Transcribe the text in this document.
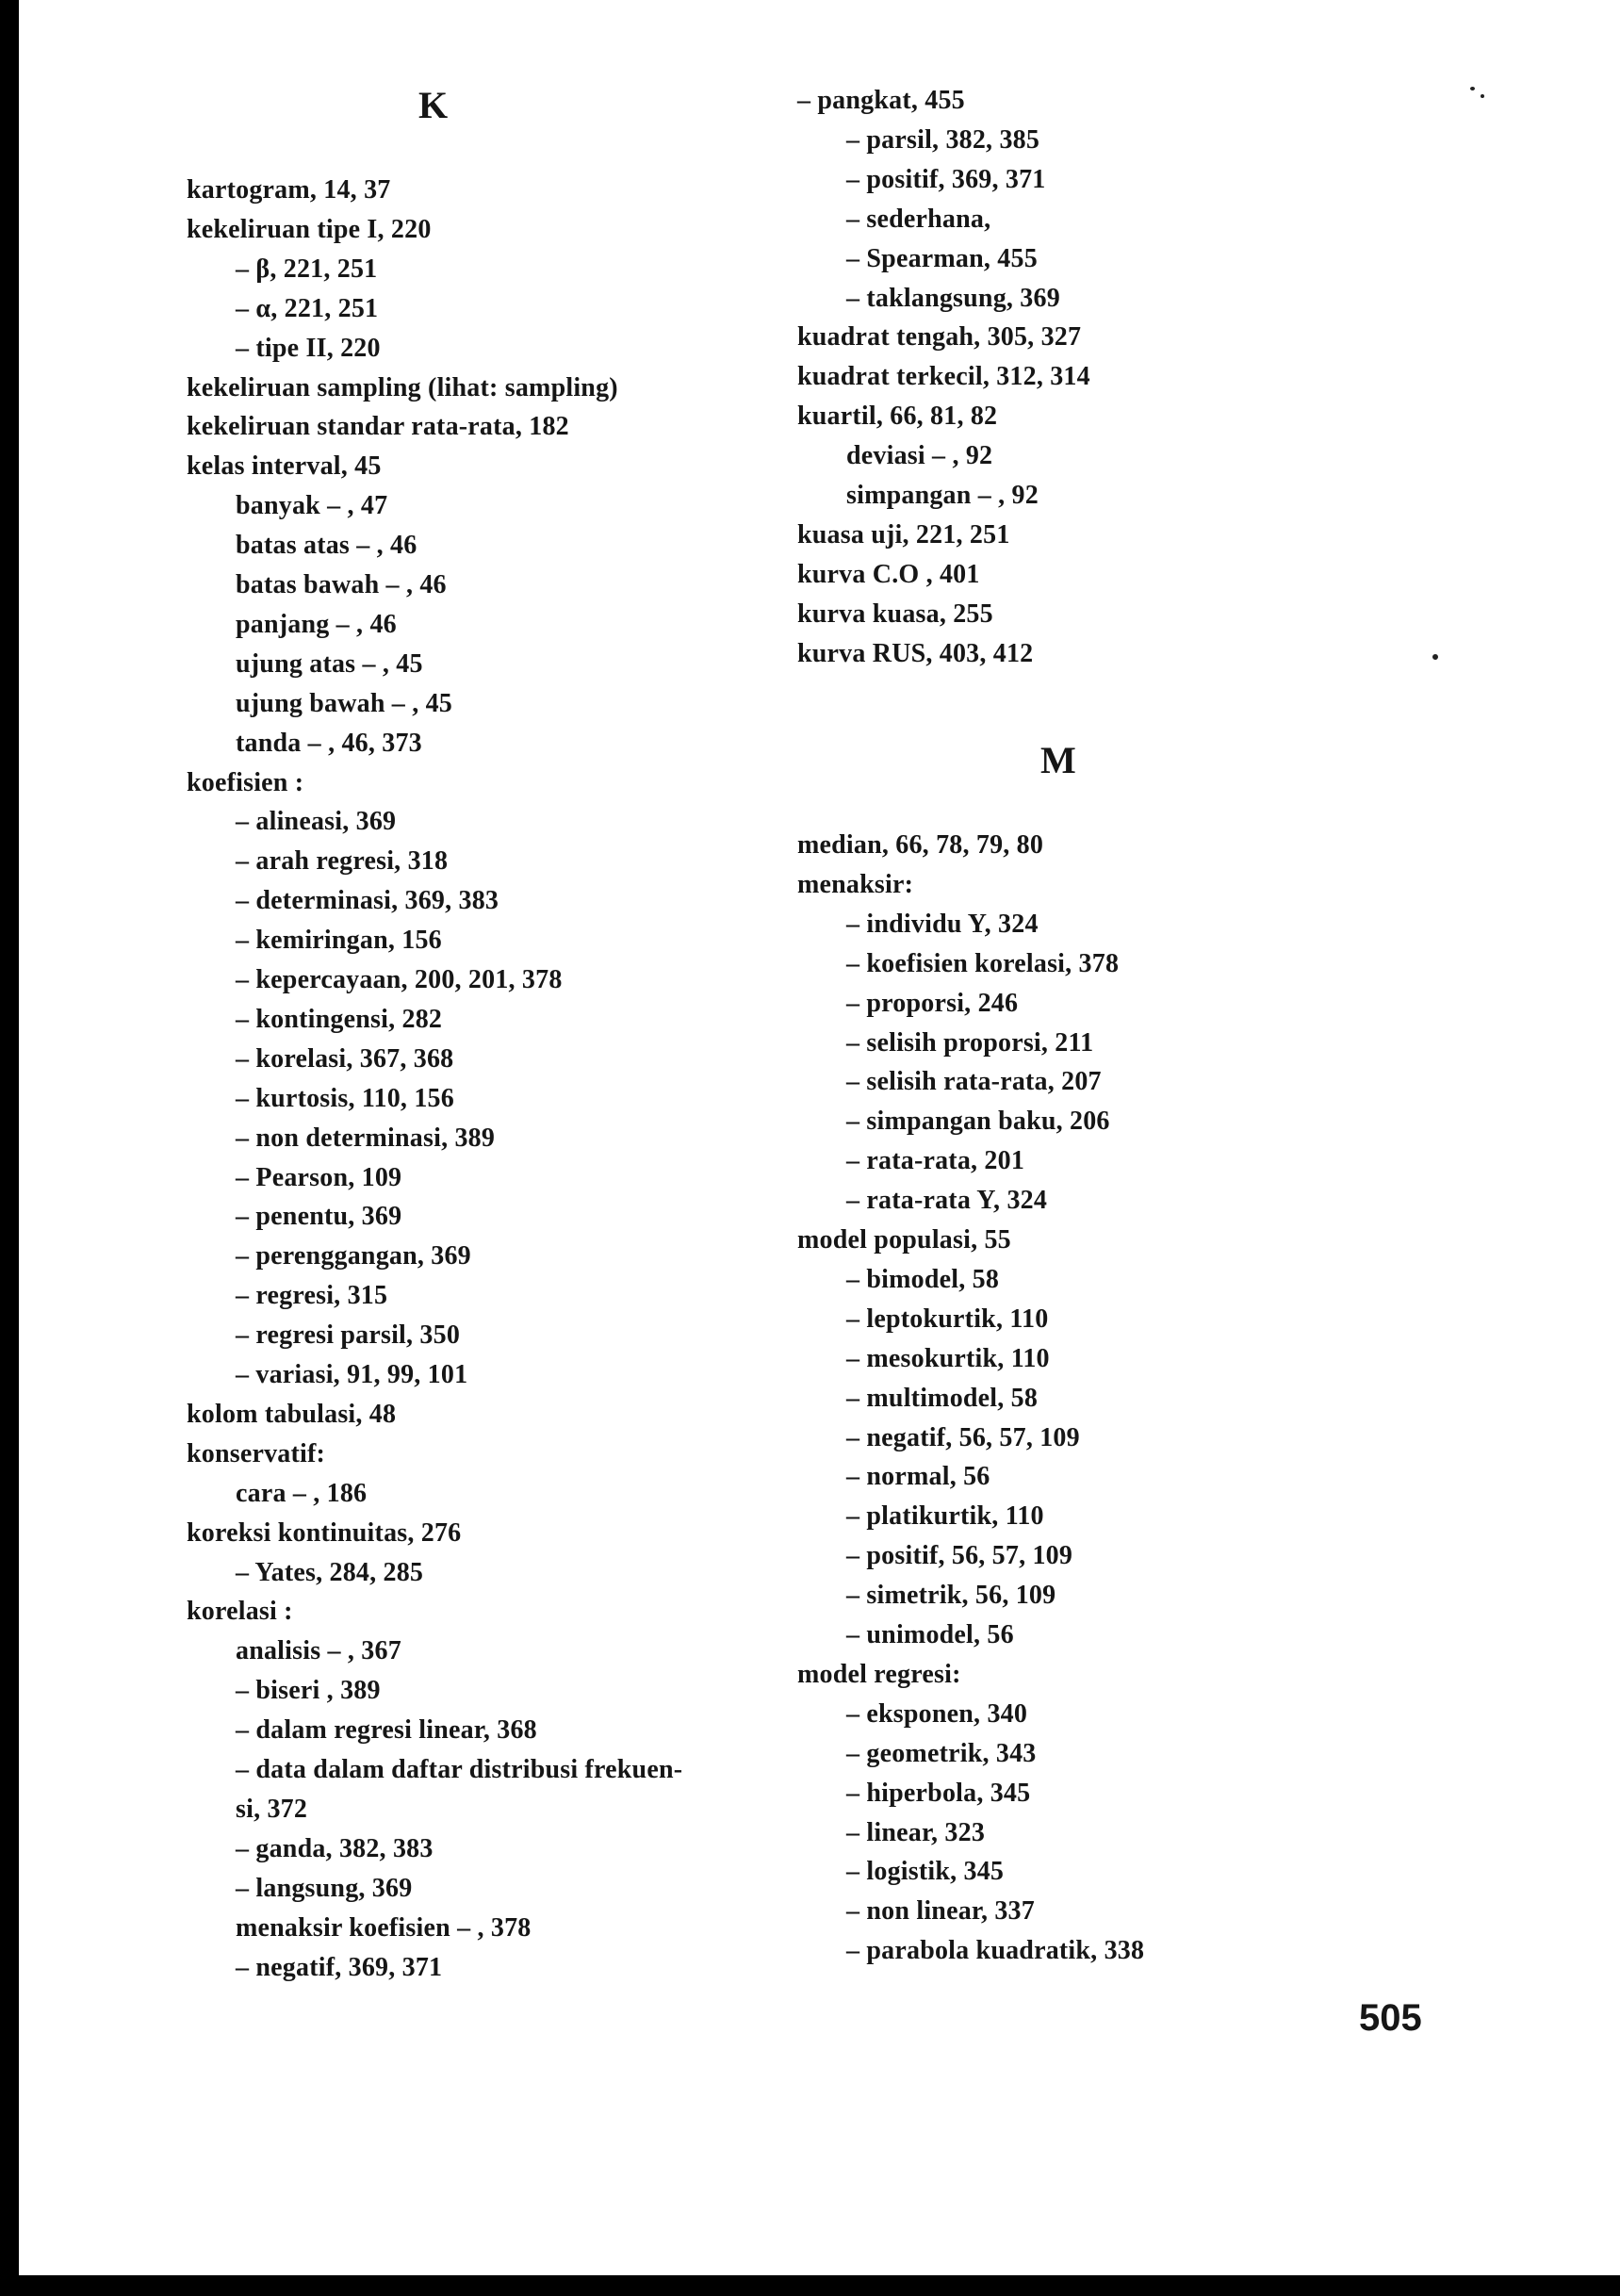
K
kartogram, 14, 37
kekeliruan tipe I, 220
– β, 221, 251
– α, 221, 251
– tipe II, 220
kekeliruan sampling (lihat: sampling)
kekeliruan standar rata-rata, 182
kelas interval, 45
banyak – , 47
batas atas – , 46
batas bawah – , 46
panjang – , 46
ujung atas – , 45
ujung bawah – , 45
tanda – , 46, 373
koefisien :
– alineasi, 369
– arah regresi, 318
– determinasi, 369, 383
– kemiringan, 156
– kepercayaan, 200, 201, 378
– kontingensi, 282
– korelasi, 367, 368
– kurtosis, 110, 156
– non determinasi, 389
– Pearson, 109
– penentu, 369
– perenggangan, 369
– regresi, 315
– regresi parsil, 350
– variasi, 91, 99, 101
kolom tabulasi, 48
konservatif:
cara – , 186
koreksi kontinuitas, 276
– Yates, 284, 285
korelasi :
analisis – , 367
– biseri , 389
– dalam regresi linear, 368
– data dalam daftar distribusi frekuen-
si, 372
– ganda, 382, 383
– langsung, 369
menaksir koefisien – , 378
– negatif, 369, 371
– pangkat, 455
– parsil, 382, 385
– positif, 369, 371
– sederhana,
– Spearman, 455
– taklangsung, 369
kuadrat tengah, 305, 327
kuadrat terkecil, 312, 314
kuartil, 66, 81, 82
deviasi – , 92
simpangan – , 92
kuasa uji, 221, 251
kurva C.O , 401
kurva kuasa, 255
kurva RUS, 403, 412
M
median, 66, 78, 79, 80
menaksir:
– individu Y, 324
– koefisien korelasi, 378
– proporsi, 246
– selisih proporsi, 211
– selisih rata-rata, 207
– simpangan baku, 206
– rata-rata, 201
– rata-rata Y, 324
model populasi, 55
– bimodel, 58
– leptokurtik, 110
– mesokurtik, 110
– multimodel, 58
– negatif, 56, 57, 109
– normal, 56
– platikurtik, 110
– positif, 56, 57, 109
– simetrik, 56, 109
– unimodel, 56
model regresi:
– eksponen, 340
– geometrik, 343
– hiperbola, 345
– linear, 323
– logistik, 345
– non linear, 337
– parabola kuadratik, 338
505
